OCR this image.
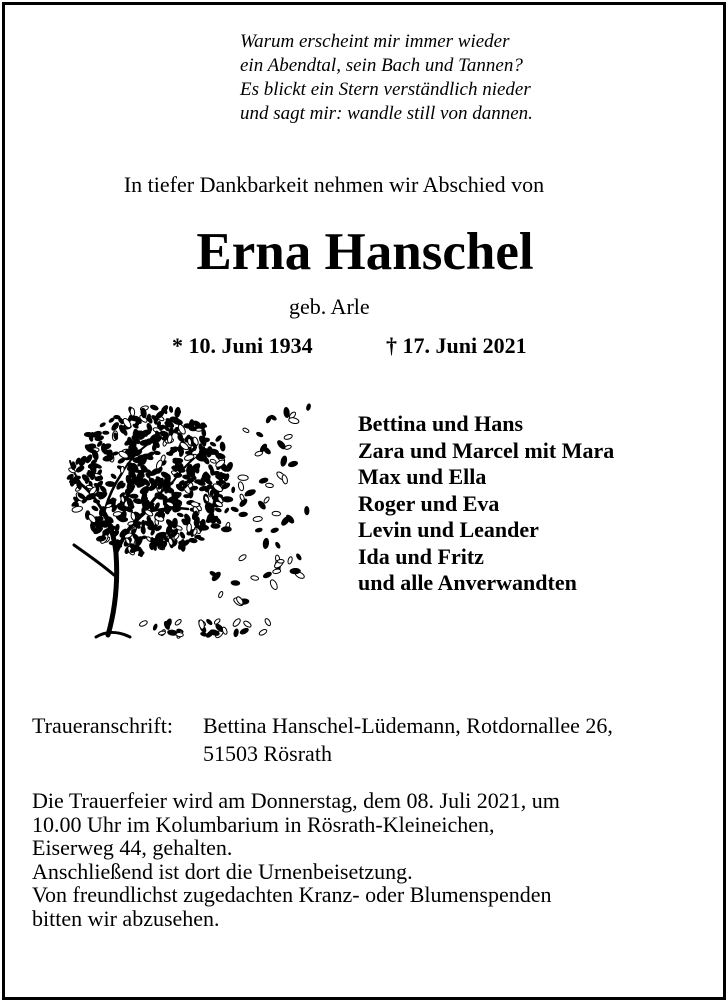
Warum erscheint mir immer wieder
ein Abendtal, sein Bach und Tannen?
Es blickt ein Stern verständlich nieder
und sagt mir: wandle still von dannen.
In tiefer Dankbarkeit nehmen wir Abschied von
Erna Hanschel
geb. Arle
* 10. Juni 1934	† 17. Juni 2021
Bettina und Hans
Zara und Marcel mit Mara
Max und Ella
Roger und Eva
Levin und Leander
Ida und Fritz
und alle Anverwandten
Traueranschrift: Bettina Hanschel-Lüdemann, Rotdornallee 26,
51503 Rösrath
Die Trauerfeier wird am Donnerstag, dem 08. Juli 2021, um
10.00 Uhr im Kolumbarium in Rösrath-Kleineichen,
Eiserweg 44, gehalten.
Anschließend ist dort die Urnenbeisetzung.
Von freundlichst zugedachten Kranz- oder Blumenspenden
bitten wir abzusehen.
